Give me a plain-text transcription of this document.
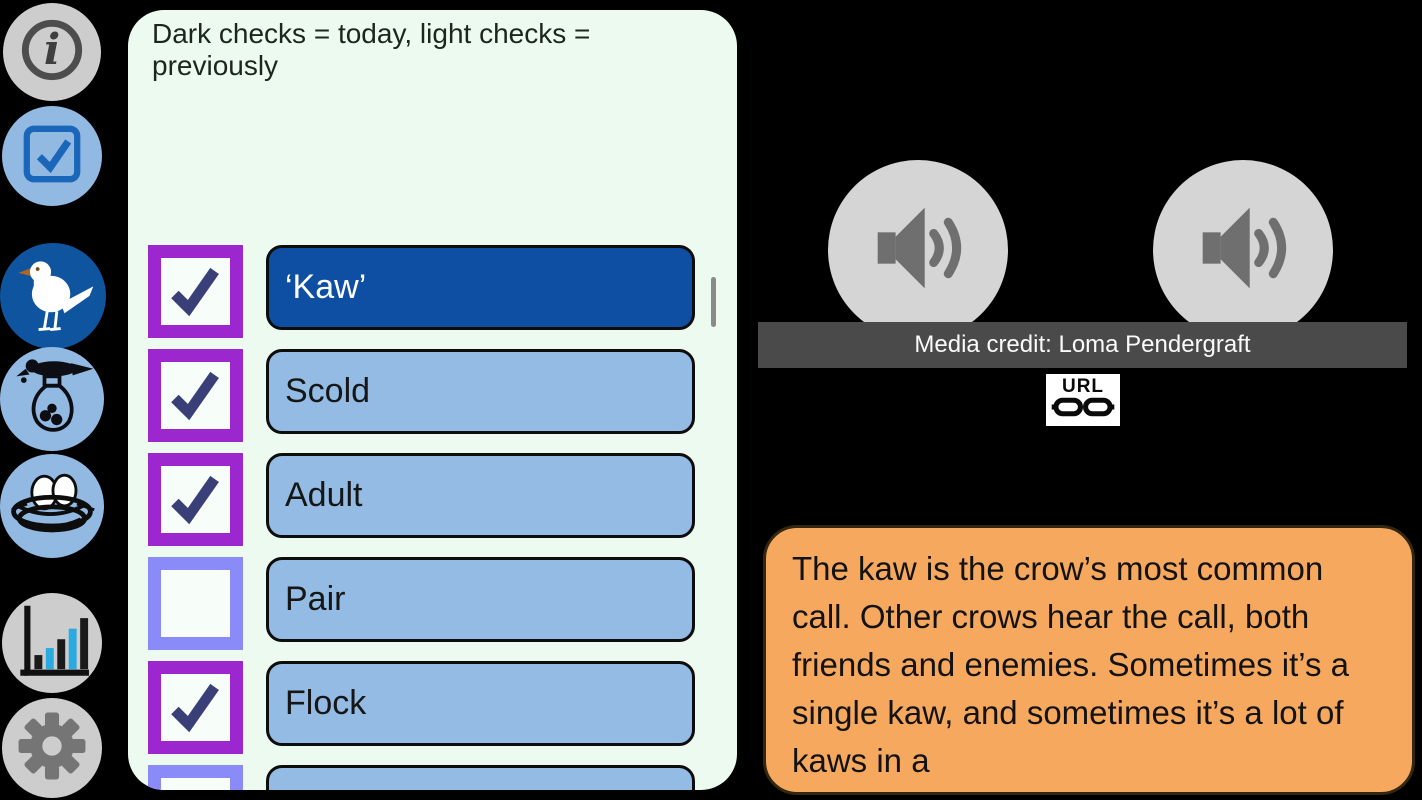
i	Dark checks = today, light checks = previously
‘Kaw’
Scold
Adult
Pair
Flock
Media credit: Loma Pendergraft
URL
The kaw is the crow’s most common call. Other crows hear the call, both friends and enemies. Sometimes it’s a single kaw, and sometimes it’s a lot of kaws in a
